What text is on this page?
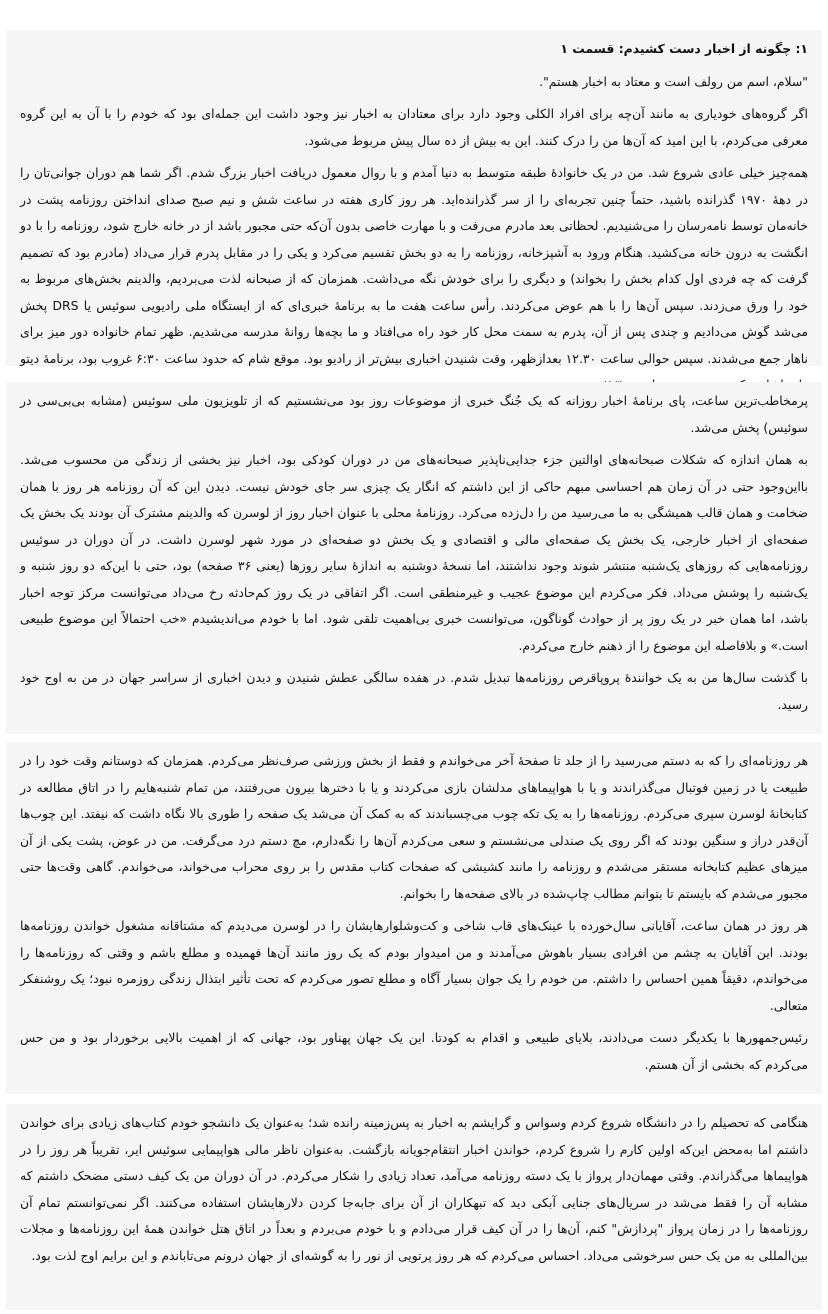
۱: چگونه از اخبار دست کشیدم: قسمت ۱

"سلام، اسم من رولف است و معتاد به اخبار هستم".

اگر گروه‌های خودیاری به مانند آن‌چه برای افراد الکلی وجود دارد برای معتادان به اخبار نیز وجود داشت این جمله‌ای بود که خودم را با آن به این گروه معرفی می‌کردم، با این امید که آن‌ها من را درک کنند. این به بیش از ده سال پیش مربوط می‌شود.

همه‌چیز خیلی عادی شروع شد. من در یک خانوادهٔ طبقه متوسط به دنیا آمدم و با روال معمول دریافت اخبار بزرگ شدم. اگر شما هم دوران جوانی‌تان را در دههٔ ۱۹۷۰ گذرانده باشید، حتماً چنین تجربه‌ای را از سر گذرانده‌اید. هر روز کاری هفته در ساعت شش و نیم صبح صدای انداختن روزنامه پشت در خانه‌مان توسط نامه‌رسان را می‌شنیدیم. لحظاتی بعد مادرم می‌رفت و با مهارت خاصی بدون آن‌که حتی مجبور باشد از در خانه خارج شود، روزنامه را با دو انگشت به درون خانه می‌کشید. هنگام ورود به آشپزخانه، روزنامه را به دو بخش تقسیم می‌کرد و یکی را در مقابل پدرم قرار می‌داد (مادرم بود که تصمیم گرفت که چه فردی اول کدام بخش را بخواند) و دیگری را برای خودش نگه می‌داشت. همزمان که از صبحانه لذت می‌بردیم، والدینم بخش‌های مربوط به خود را ورق می‌زدند. سپس آن‌ها را با هم عوض می‌کردند. رأس ساعت هفت ما به برنامهٔ خبری‌ای که از ایستگاه ملی رادیویی سوئیس یا DRS پخش می‌شد گوش می‌دادیم و چندی پس از آن، پدرم به سمت محل کار خود راه می‌افتاد و ما بچه‌ها روانهٔ مدرسه می‌شدیم. ظهر تمام خانواده دور میز برای ناهار جمع می‌شدند. سپس حوالی ساعت ۱۲.۳۰ بعدازظهر، وقت شنیدن اخباری بیش‌تر از رادیو بود. موقع شام که حدود ساعت ۶:۳۰ غروب بود، برنامهٔ دیتو

پرمخاطب‌ترین ساعت، پای برنامهٔ اخبار روزانه که یک جُنگ خبری از موضوعات روز بود می‌نشستیم که از تلویزیون ملی سوئیس (مشابه بی‌بی‌سی در سوئیس) پخش می‌شد.

به همان اندازه که شکلات صبحانه‌های اوالتین جزء جدایی‌ناپذیر صبحانه‌های من در دوران کودکی بود، اخبار نیز بخشی از زندگی من محسوب می‌شد. بااین‌وجود حتی در آن زمان هم احساسی مبهم حاکی از این داشتم که انگار یک چیزی سر جای خودش نیست. دیدن این که آن روزنامه هر روز با همان ضخامت و همان قالب همیشگی به ما می‌رسید من را دل‌زده می‌کرد. روزنامهٔ محلی با عنوان اخبار روز از لوسرن که والدینم مشترک آن بودند یک بخش یک صفحه‌ای از اخبار خارجی، یک بخش یک صفحه‌ای مالی و اقتصادی و یک بخش دو صفحه‌ای در مورد شهر لوسرن داشت. در آن دوران در سوئیس روزنامه‌هایی که روزهای یک‌شنبه منتشر شوند وجود نداشتند، اما نسخهٔ دوشنبه به اندازهٔ سایر روزها (یعنی ۳۶ صفحه) بود، حتی با این‌که دو روز شنبه و یک‌شنبه را پوشش می‌داد. فکر می‌کردم این موضوع عجیب و غیرمنطقی است. اگر اتفاقی در یک روز کم‌حادثه رخ می‌داد می‌توانست مرکز توجه اخبار باشد، اما همان خبر در یک روز پر از حوادث گوناگون، می‌توانست خبری بی‌اهمیت تلقی شود. اما با خودم می‌اندیشیدم «خب احتمالاً این موضوع طبیعی است.» و بلافاصله این موضوع را از ذهنم خارج می‌کردم.

با گذشت سال‌ها من به یک خوانندهٔ پروپاقرص روزنامه‌ها تبدیل شدم. در هفده سالگی عطش شنیدن و دیدن اخباری از سراسر جهان در من به اوج خود رسید.

هر روزنامه‌ای را که به دستم می‌رسید را از جلد تا صفحهٔ آخر می‌خواندم و فقط از بخش ورزشی صرف‌نظر می‌کردم. همزمان که دوستانم وقت خود را در طبیعت یا در زمین فوتبال می‌گذراندند و یا با هواپیماهای مدلشان بازی می‌کردند و یا با دخترها بیرون می‌رفتند، من تمام شنبه‌هایم را در اتاق مطالعه در کتابخانهٔ لوسرن سپری می‌کردم. روزنامه‌ها را به یک تکه چوب می‌چسباندند که به کمک آن می‌شد یک صفحه را طوری بالا نگاه داشت که نیفتد. این چوب‌ها آن‌قدر دراز و سنگین بودند که اگر روی یک صندلی می‌نشستم و سعی می‌کردم آن‌ها را نگه‌دارم، مچ دستم درد می‌گرفت. من در عوض، پشت یکی از آن میزهای عظیم کتابخانه مستقر می‌شدم و روزنامه را مانند کشیشی که صفحات کتاب مقدس را بر روی محراب می‌خواند، می‌خواندم. گاهی وقت‌ها حتی مجبور می‌شدم که بایستم تا بتوانم مطالب چاپ‌شده در بالای صفحه‌ها را بخوانم.

هر روز در همان ساعت، آقایانی سال‌خورده با عینک‌های قاب شاخی و کت‌وشلوارهایشان را در لوسرن می‌دیدم که مشتاقانه مشغول خواندن روزنامه‌ها بودند. این آقایان به چشم من افرادی بسیار باهوش می‌آمدند و من امیدوار بودم که یک روز مانند آن‌ها فهمیده و مطلع باشم و وقتی که روزنامه‌ها را می‌خواندم، دقیقاً همین احساس را داشتم. من خودم را یک جوان بسیار آگاه و مطلع تصور می‌کردم که تحت تأثیر ابتذال زندگی روزمره نبود؛ یک روشنفکر متعالی.

رئیس‌جمهورها با یکدیگر دست می‌دادند، بلایای طبیعی و اقدام به کودتا. این یک جهان پهناور بود، جهانی که از اهمیت بالایی برخوردار بود و من حس می‌کردم که بخشی از آن هستم.

هنگامی که تحصیلم را در دانشگاه شروع کردم وسواس و گرایشم به اخبار به پس‌زمینه رانده شد؛ به‌عنوان یک دانشجو خودم کتاب‌های زیادی برای خواندن داشتم اما به‌محض این‌که اولین کارم را شروع کردم، خواندن اخبار انتقام‌جویانه بازگشت. به‌عنوان ناظر مالی هواپیمایی سوئیس ایر، تقریباً هر روز را در هواپیماها می‌گذراندم. وقتی مهمان‌دار پرواز با یک دسته روزنامه می‌آمد، تعداد زیادی را شکار می‌کردم. در آن دوران من یک کیف دستی مضحک داشتم که مشابه آن را فقط می‌شد در سریال‌های جنایی آبکی دید که تبهکاران از آن برای جابه‌جا کردن دلارهایشان استفاده می‌کنند. اگر نمی‌توانستم تمام آن روزنامه‌ها را در زمان پرواز "پردازش" کنم، آن‌ها را در آن کیف قرار می‌دادم و با خودم می‌بردم و بعداً در اتاق هتل خواندن همهٔ این روزنامه‌ها و مجلات بین‌المللی به من یک حس سرخوشی می‌داد. احساس می‌کردم که هر روز پرتویی از نور را به گوشه‌ای از جهان درونم می‌تاباندم و این برایم اوج لذت بود.
